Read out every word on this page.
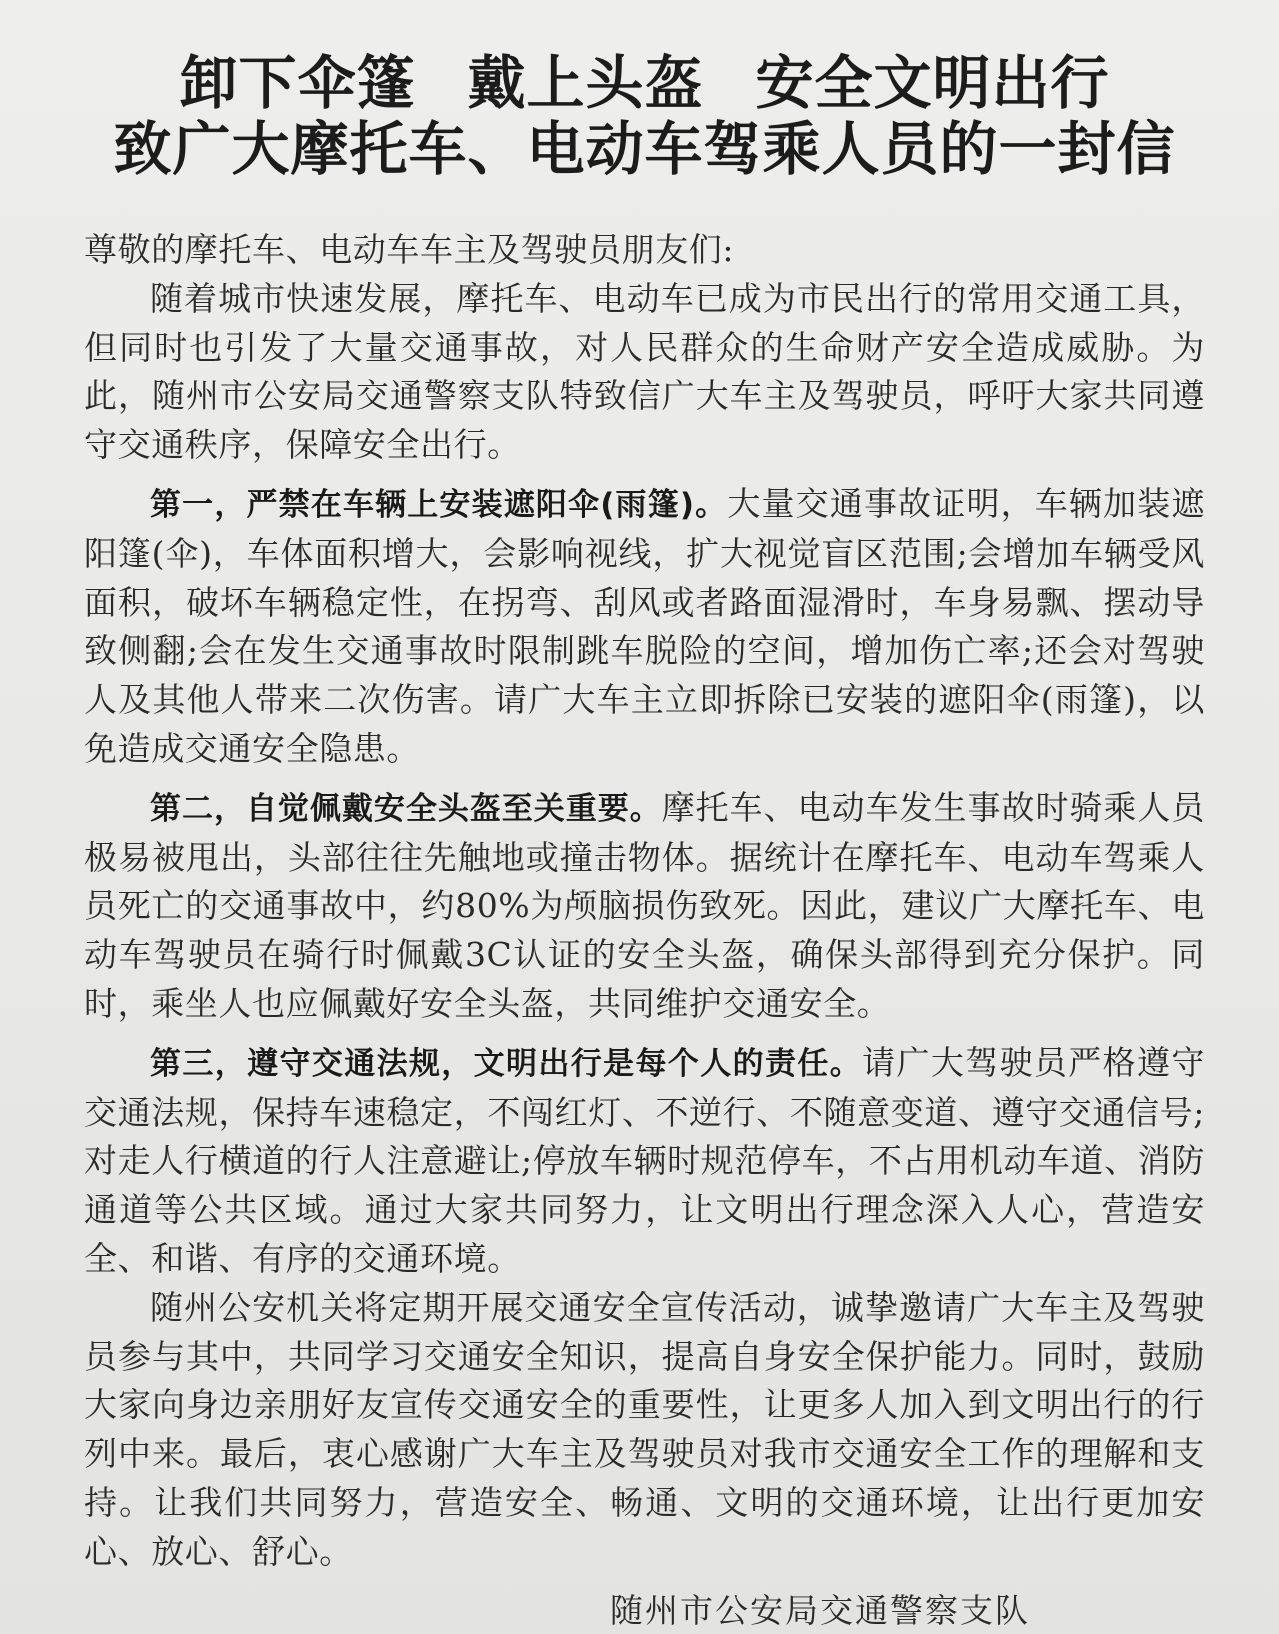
卸下伞篷 戴上头盔 安全文明出行
致广大摩托车、电动车驾乘人员的一封信

尊敬的摩托车、电动车车主及驾驶员朋友们:

随着城市快速发展，摩托车、电动车已成为市民出行的常用交通工具，但同时也引发了大量交通事故，对人民群众的生命财产安全造成威胁。为此，随州市公安局交通警察支队特致信广大车主及驾驶员，呼吁大家共同遵守交通秩序，保障安全出行。

第一，严禁在车辆上安装遮阳伞(雨篷)。大量交通事故证明，车辆加装遮阳篷(伞)，车体面积增大，会影响视线，扩大视觉盲区范围;会增加车辆受风面积，破坏车辆稳定性，在拐弯、刮风或者路面湿滑时，车身易飘、摆动导致侧翻;会在发生交通事故时限制跳车脱险的空间，增加伤亡率;还会对驾驶人及其他人带来二次伤害。请广大车主立即拆除已安装的遮阳伞(雨篷)，以免造成交通安全隐患。

第二，自觉佩戴安全头盔至关重要。摩托车、电动车发生事故时骑乘人员极易被甩出，头部往往先触地或撞击物体。据统计在摩托车、电动车驾乘人员死亡的交通事故中，约80%为颅脑损伤致死。因此，建议广大摩托车、电动车驾驶员在骑行时佩戴3C认证的安全头盔，确保头部得到充分保护。同时，乘坐人也应佩戴好安全头盔，共同维护交通安全。

第三，遵守交通法规，文明出行是每个人的责任。请广大驾驶员严格遵守交通法规，保持车速稳定，不闯红灯、不逆行、不随意变道、遵守交通信号;对走人行横道的行人注意避让;停放车辆时规范停车，不占用机动车道、消防通道等公共区域。通过大家共同努力，让文明出行理念深入人心，营造安全、和谐、有序的交通环境。

随州公安机关将定期开展交通安全宣传活动，诚挚邀请广大车主及驾驶员参与其中，共同学习交通安全知识，提高自身安全保护能力。同时，鼓励大家向身边亲朋好友宣传交通安全的重要性，让更多人加入到文明出行的行列中来。最后，衷心感谢广大车主及驾驶员对我市交通安全工作的理解和支持。让我们共同努力，营造安全、畅通、文明的交通环境，让出行更加安心、放心、舒心。

随州市公安局交通警察支队
